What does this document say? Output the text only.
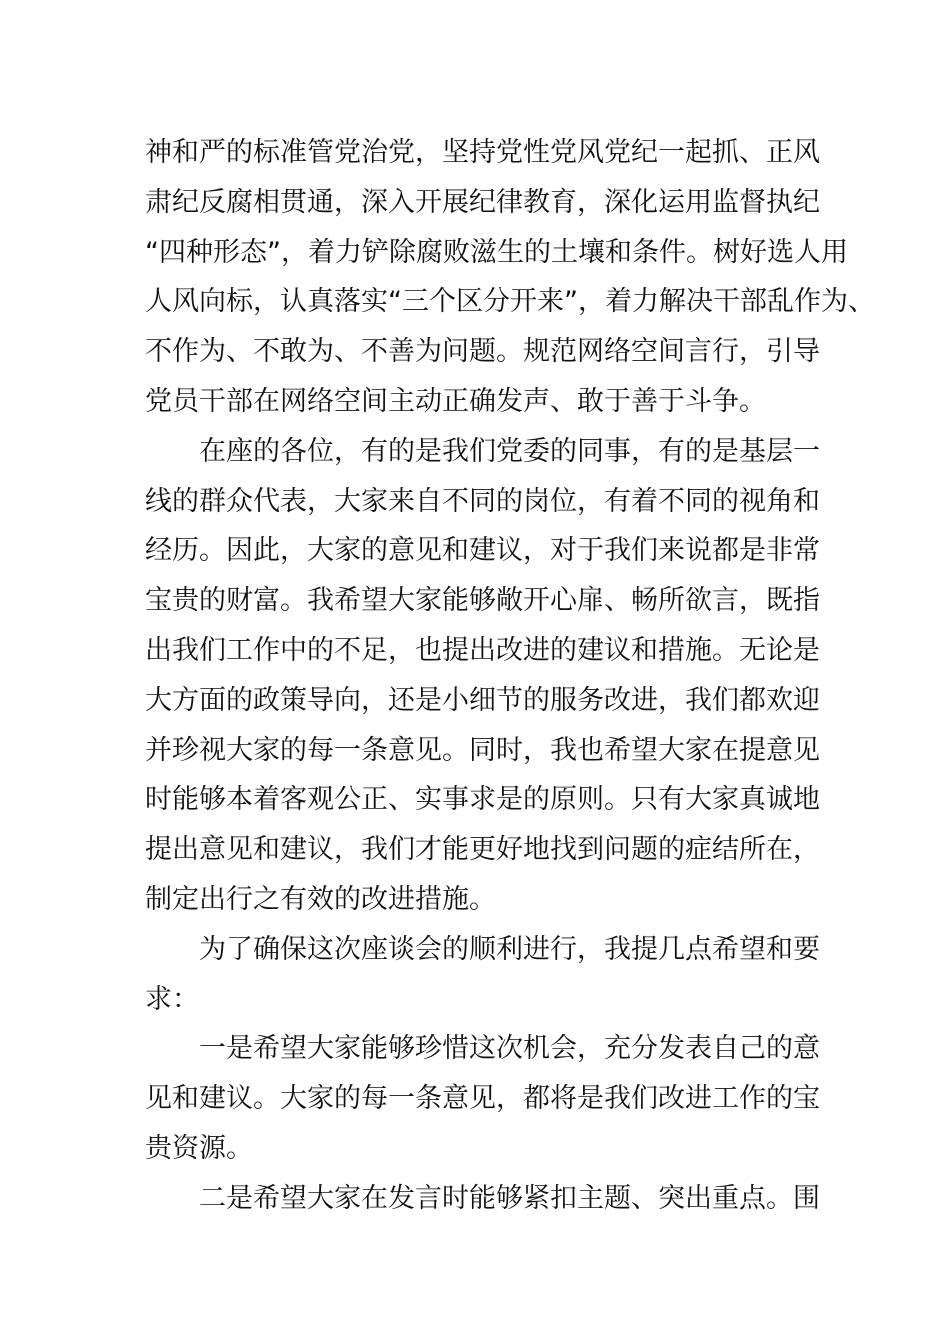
神和严的标准管党治党，坚持党性党风党纪一起抓、正风
肃纪反腐相贯通，深入开展纪律教育，深化运用监督执纪
“四种形态”，着力铲除腐败滋生的土壤和条件。树好选人用
人风向标，认真落实“三个区分开来”，着力解决干部乱作为、
不作为、不敢为、不善为问题。规范网络空间言行，引导
党员干部在网络空间主动正确发声、敢于善于斗争。
在座的各位，有的是我们党委的同事，有的是基层一
线的群众代表，大家来自不同的岗位，有着不同的视角和
经历。因此，大家的意见和建议，对于我们来说都是非常
宝贵的财富。我希望大家能够敞开心扉、畅所欲言，既指
出我们工作中的不足，也提出改进的建议和措施。无论是
大方面的政策导向，还是小细节的服务改进，我们都欢迎
并珍视大家的每一条意见。同时，我也希望大家在提意见
时能够本着客观公正、实事求是的原则。只有大家真诚地
提出意见和建议，我们才能更好地找到问题的症结所在，
制定出行之有效的改进措施。
为了确保这次座谈会的顺利进行，我提几点希望和要
求：
一是希望大家能够珍惜这次机会，充分发表自己的意
见和建议。大家的每一条意见，都将是我们改进工作的宝
贵资源。
二是希望大家在发言时能够紧扣主题、突出重点。围
